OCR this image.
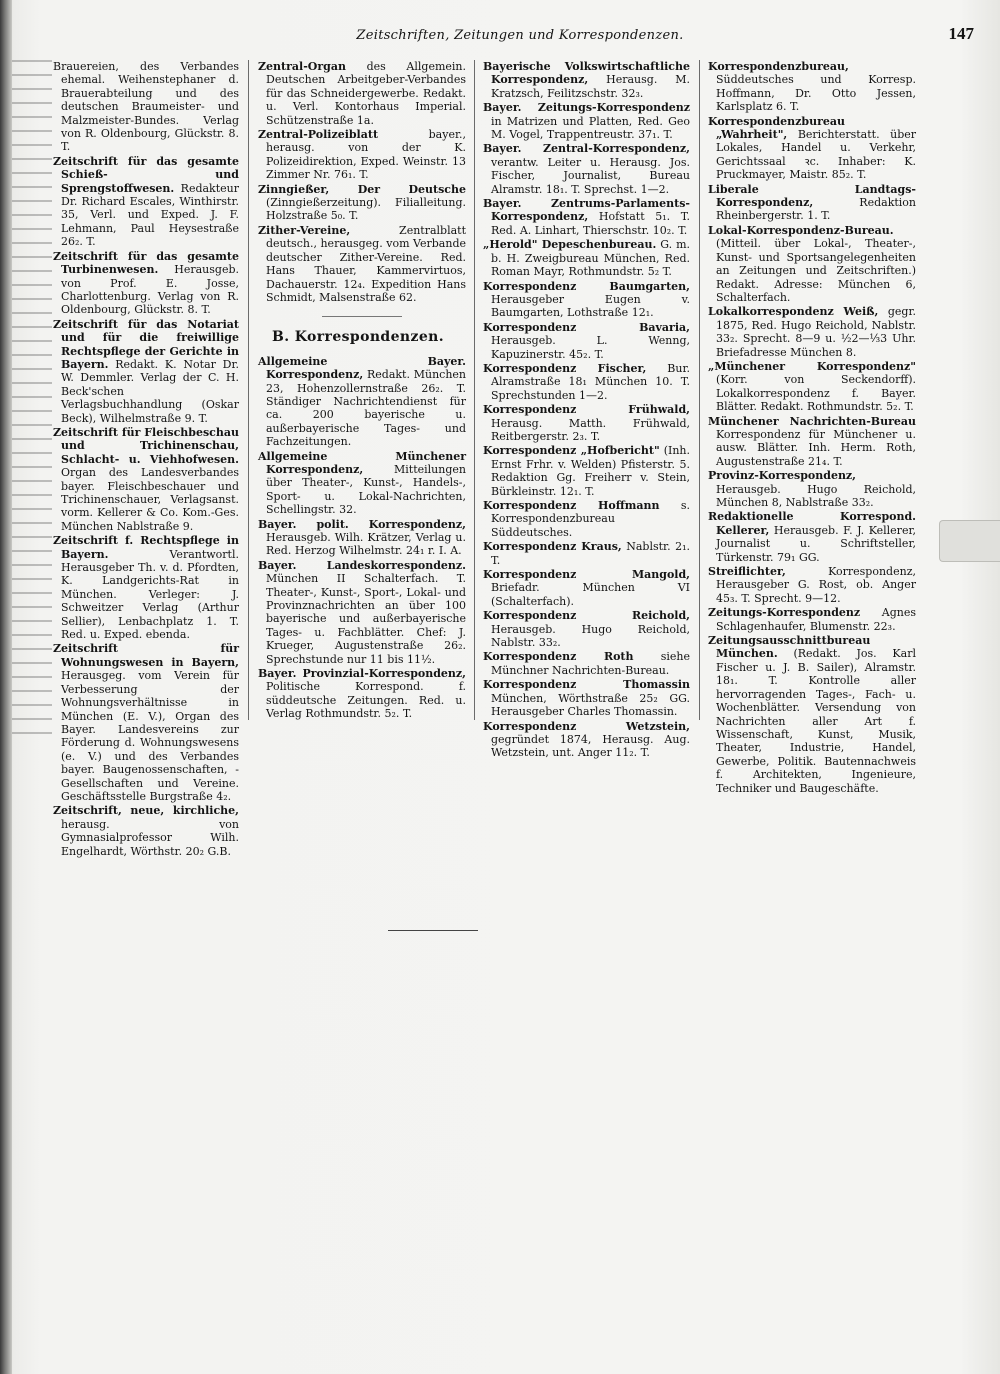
Zeitschriften, Zeitungen und Korrespondenzen.	147
Brauereien, des Verbandes ehemal. Weihenstephaner d. Brauerabteilung und des deutschen Braumeister- und Malzmeister-Bundes. Verlag von R. Oldenbourg, Glückstr. 8. T.
Zeitschrift für das gesamte Schieß- und Sprengstoffwesen. Redakteur Dr. Richard Escales, Winthirstr. 35, Verl. und Exped. J. F. Lehmann, Paul Heysestraße 26₂. T.
Zeitschrift für das gesamte Turbinenwesen. Herausgeb. von Prof. E. Josse, Charlottenburg. Verlag von R. Oldenbourg, Glückstr. 8. T.
Zeitschrift für das Notariat und für die freiwillige Rechtspflege der Gerichte in Bayern. Redakt. K. Notar Dr. W. Demmler. Verlag der C. H. Beck'schen Verlagsbuchhandlung (Oskar Beck), Wilhelmstraße 9. T.
Zeitschrift für Fleischbeschau und Trichinenschau, Schlacht- u. Viehhofwesen. Organ des Landesverbandes bayer. Fleischbeschauer und Trichinenschauer, Verlagsanst. vorm. Kellerer & Co. Kom.-Ges. München Nablstraße 9.
Zeitschrift f. Rechtspflege in Bayern.	Verantwortl. Herausgeber Th. v. d. Pfordten, K. Landgerichts-Rat in München. Verleger: J. Schweitzer Verlag (Arthur Sellier), Lenbachplatz 1. T. Red. u. Exped. ebenda.
Zeitschrift für Wohnungswesen in Bayern, Herausgeg. vom Verein für Verbesserung der Wohnungsverhältnisse in München (E. V.), Organ des Bayer. Landesvereins zur Förderung d. Wohnungswesens (e. V.) und des Verbandes bayer. Baugenossenschaften, -Gesellschaften und Vereine. Geschäftsstelle Burgstraße 4₂.
Zeitschrift, neue, kirchliche, herausg. von Gymnasialprofessor Wilh. Engelhardt, Wörthstr. 20₂ G.B.
Zentral-Organ des Allgemein. Deutschen Arbeitgeber-Verbandes für das Schneidergewerbe. Redakt. u. Verl. Kontorhaus Imperial. Schützenstraße 1a.
Zentral-Polizeiblatt	bayer., herausg. von der K. Polizeidirektion, Exped. Weinstr. 13 Zimmer Nr. 76₁. T.
Zinngießer, Der Deutsche (Zinngießerzeitung). Filialleitung. Holzstraße 5₀. T.
Zither-Vereine,	Zentralblatt deutsch., herausgeg. vom Verbande deutscher Zither-Vereine. Red. Hans Thauer, Kammervirtuos, Dachauerstr. 12₄. Expedition Hans Schmidt, Malsenstraße 62.
B. Korrespondenzen.
Allgemeine Bayer. Korrespondenz, Redakt. München 23, Hohenzollernstraße 26₂. T. Ständiger Nachrichtendienst für ca. 200 bayerische u. außerbayerische Tages- und Fachzeitungen.
Allgemeine Münchener Korrespondenz,	Mitteilungen über Theater-, Kunst-, Handels-, Sport- u. Lokal-Nachrichten, Schellingstr. 32.
Bayer. polit. Korrespondenz, Herausgeb. Wilh. Krätzer, Verlag u. Red. Herzog Wilhelmstr. 24₁ r. I. A.
Bayer. Landeskorrespondenz. München II Schalterfach. T. Theater-, Kunst-, Sport-, Lokal- und Provinznachrichten an über 100 bayerische und außerbayerische Tages- u. Fachblätter. Chef: J. Krueger, Augustenstraße 26₂. Sprechstunde nur 11 bis 11½.
Bayer. Provinzial-Korrespondenz, Politische Korrespond. f. süddeutsche Zeitungen. Red. u. Verlag Rothmundstr. 5₂. T.
Bayerische Volkswirtschaftliche Korrespondenz, Herausg. M. Kratzsch, Feilitzschstr. 32₃.
Bayer. Zeitungs-Korrespondenz in Matrizen und Platten, Red. Geo M. Vogel, Trappentreustr. 37₁. T.
Bayer. Zentral-Korrespondenz, verantw. Leiter u. Herausg. Jos. Fischer, Journalist, Bureau Alramstr. 18₁. T. Sprechst. 1—2.
Bayer. Zentrums-Parlaments-Korrespondenz, Hofstatt 5₁. T. Red. A. Linhart, Thierschstr. 10₂. T.
„Herold" Depeschenbureau. G. m. b. H. Zweigbureau München, Red. Roman Mayr, Rothmundstr. 5₂ T.
Korrespondenz Baumgarten, Herausgeber Eugen v. Baumgarten, Lothstraße 12₁.
Korrespondenz Bavaria, Herausgeb. L. Wenng, Kapuzinerstr. 45₂. T.
Korrespondenz Fischer, Bur. Alramstraße 18₁ München 10. T. Sprechstunden 1—2.
Korrespondenz Frühwald, Herausg. Matth. Frühwald, Reitbergerstr. 2₃. T.
Korrespondenz „Hofbericht" (Inh. Ernst Frhr. v. Welden) Pfisterstr. 5. Redaktion Gg. Freiherr v. Stein, Bürkleinstr. 12₁. T.
Korrespondenz Hoffmann s. Korrespondenzbureau Süddeutsches.
Korrespondenz Kraus, Nablstr. 2₁. T.
Korrespondenz Mangold, Briefadr. München VI (Schalterfach).
Korrespondenz Reichold, Herausgeb. Hugo Reichold, Nablstr. 33₂.
Korrespondenz Roth siehe Münchner Nachrichten-Bureau.
Korrespondenz Thomassin München, Wörthstraße 25₂ GG. Herausgeber Charles Thomassin.
Korrespondenz Wetzstein, gegründet 1874, Herausg. Aug. Wetzstein, unt. Anger 11₂. T.
Korrespondenzbureau, Süddeutsches und Korresp. Hoffmann, Dr. Otto Jessen, Karlsplatz 6. T.
Korrespondenzbureau „Wahrheit", Berichterstatt. über Lokales, Handel u. Verkehr, Gerichtssaal ꝛc. Inhaber: K. Pruckmayer, Maistr. 85₂. T.
Liberale Landtags-Korrespondenz,	Redaktion Rheinbergerstr. 1. T.
Lokal-Korrespondenz-Bureau. (Mitteil. über Lokal-, Theater-, Kunst- und Sportsangelegenheiten an Zeitungen und Zeitschriften.) Redakt. Adresse: München 6, Schalterfach.
Lokalkorrespondenz Weiß, gegr. 1875, Red. Hugo Reichold, Nablstr. 33₂. Sprecht. 8—9 u. ½2—⅓3 Uhr. Briefadresse München 8.
„Münchener Korrespondenz" (Korr. von Seckendorff). Lokalkorrespondenz f. Bayer. Blätter. Redakt. Rothmundstr. 5₂. T.
Münchener Nachrichten-Bureau Korrespondenz für Münchener u. ausw. Blätter. Inh. Herm. Roth, Augustenstraße 21₄. T.
Provinz-Korrespondenz, Herausgeb. Hugo Reichold, München 8, Nablstraße 33₂.
Redaktionelle Korrespond. Kellerer, Herausgeb. F. J. Kellerer, Journalist u. Schriftsteller, Türkenstr. 79₁ GG.
Streiflichter,	Korrespondenz, Herausgeber G. Rost, ob. Anger 45₃. T. Sprecht. 9—12.
Zeitungs-Korrespondenz Agnes Schlagenhaufer, Blumenstr. 22₃.
Zeitungsausschnittbureau München. (Redakt. Jos. Karl Fischer u. J. B. Sailer), Alramstr. 18₁. T. Kontrolle aller hervorragenden Tages-, Fach- u. Wochenblätter. Versendung von Nachrichten aller Art f. Wissenschaft, Kunst, Musik, Theater, Industrie, Handel, Gewerbe, Politik. Bautennachweis f. Architekten, Ingenieure, Techniker und Baugeschäfte.
